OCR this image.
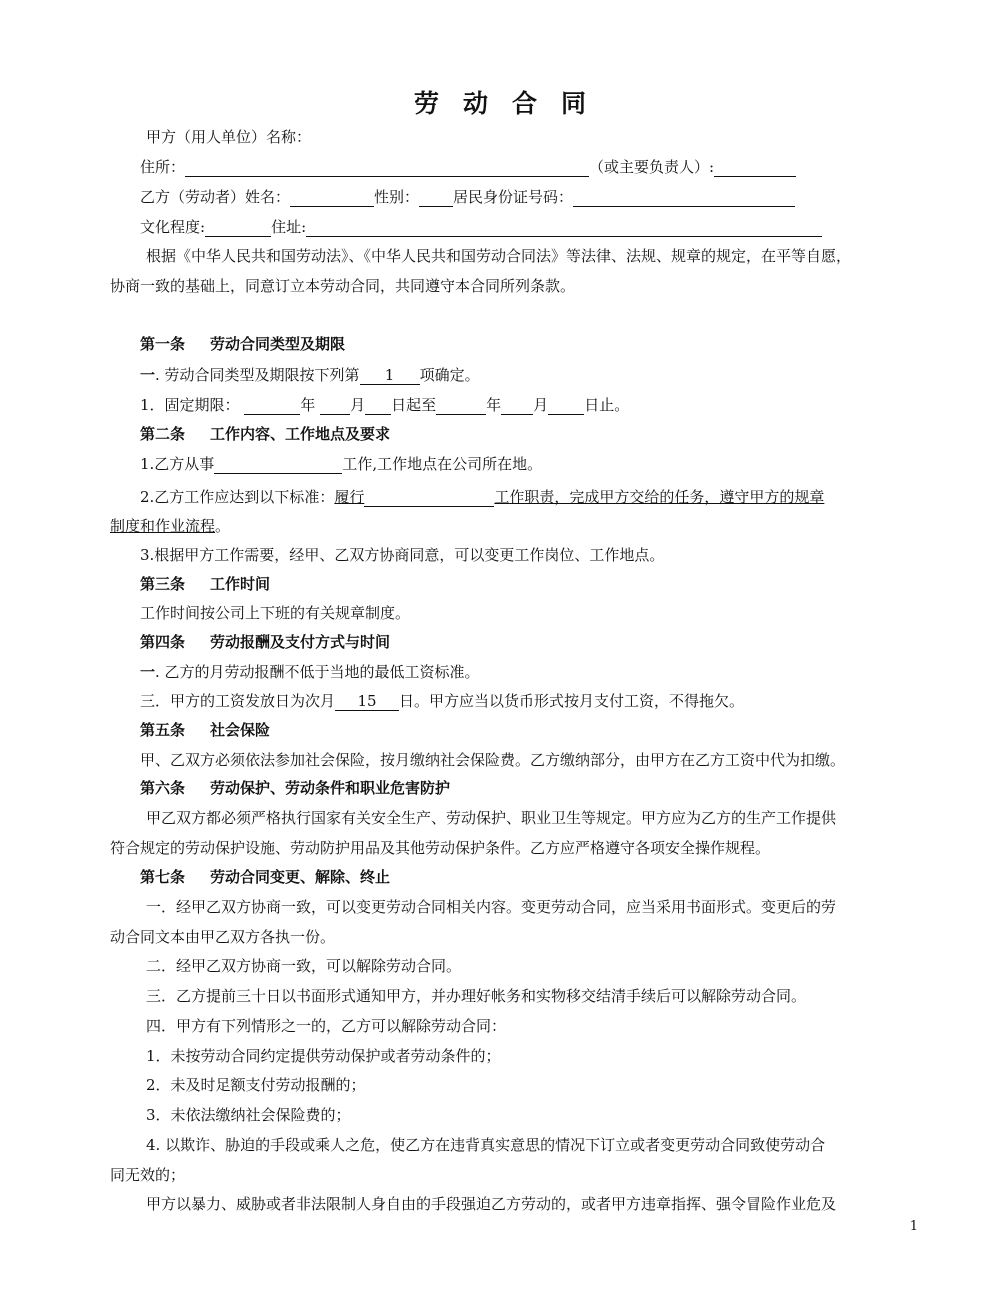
劳 动 合 同
甲方（用人单位）名称：
住所：	（或主要负责人）:
乙方（劳动者）姓名：	性别： 居民身份证号码：
文化程度:	住址:
根据《中华人民共和国劳动法》、《中华人民共和国劳动合同法》等法律、法规、规章的规定，在平等自愿，
协商一致的基础上，同意订立本劳动合同，共同遵守本合同所列条款。
第一条 劳动合同类型及期限
一. 劳动合同类型及期限按下列第 1 项确定。
1．固定期限：	年 月 日起至	年 月 日止。
第二条 工作内容、工作地点及要求
1.乙方从事	工作,工作地点在公司所在地。
2.乙方工作应达到以下标准：履行	工作职责，完成甲方交给的任务，遵守甲方的规章
制度和作业流程。
3.根据甲方工作需要，经甲、乙双方协商同意，可以变更工作岗位、工作地点。
第三条 工作时间
工作时间按公司上下班的有关规章制度。
第四条 劳动报酬及支付方式与时间
一. 乙方的月劳动报酬不低于当地的最低工资标准。
三．甲方的工资发放日为次月 15 日。甲方应当以货币形式按月支付工资，不得拖欠。
第五条 社会保险
甲、乙双方必须依法参加社会保险，按月缴纳社会保险费。乙方缴纳部分，由甲方在乙方工资中代为扣缴。
第六条 劳动保护、劳动条件和职业危害防护
甲乙双方都必须严格执行国家有关安全生产、劳动保护、职业卫生等规定。甲方应为乙方的生产工作提供
符合规定的劳动保护设施、劳动防护用品及其他劳动保护条件。乙方应严格遵守各项安全操作规程。
第七条 劳动合同变更、解除、终止
一．经甲乙双方协商一致，可以变更劳动合同相关内容。变更劳动合同，应当采用书面形式。变更后的劳
动合同文本由甲乙双方各执一份。
二．经甲乙双方协商一致，可以解除劳动合同。
三．乙方提前三十日以书面形式通知甲方，并办理好帐务和实物移交结清手续后可以解除劳动合同。
四．甲方有下列情形之一的，乙方可以解除劳动合同：
1．未按劳动合同约定提供劳动保护或者劳动条件的；
2．未及时足额支付劳动报酬的；
3．未依法缴纳社会保险费的；
4. 以欺诈、胁迫的手段或乘人之危，使乙方在违背真实意思的情况下订立或者变更劳动合同致使劳动合
同无效的；
甲方以暴力、威胁或者非法限制人身自由的手段强迫乙方劳动的，或者甲方违章指挥、强令冒险作业危及
1
